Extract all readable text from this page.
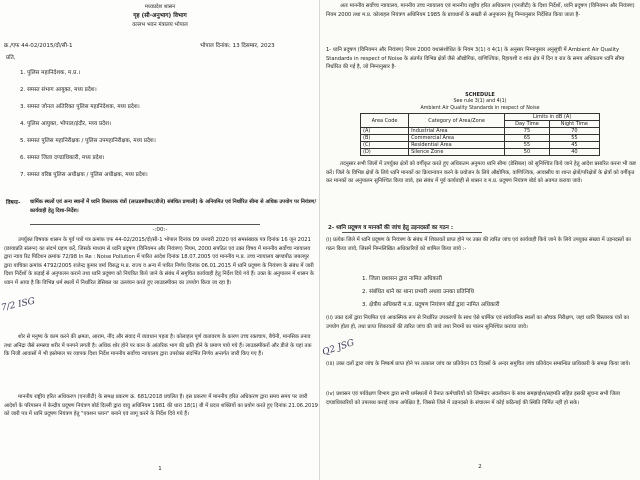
मध्यप्रदेश शासन
गृह (सी-अनुभाग) विभाग
वल्लभ भवन मंत्रालय भोपाल
क्र./एफ 44-02/2015/दो/सी-1	भोपाल दिनांक: 13 दिसम्बर, 2023
प्रति,
1. पुलिस महानिदेशक, म.प्र.।
2. समस्त संभाग आयुक्त, मध्य प्रदेश।
3. समस्त जोनल अतिरिक्त पुलिस महानिदेशक, मध्य प्रदेश।
4. पुलिस आयुक्त, भोपाल/इंदौर, मध्य प्रदेश।
5. समस्त पुलिस महानिरीक्षक / पुलिस उपमहानिरीक्षक, मध्य प्रदेश।
6. समस्त जिला दण्डाधिकारी, मध्य प्रदेश।
7. समस्त वरिष्ठ पुलिस अधीक्षक / पुलिस अधीक्षक, मध्य प्रदेश।
विषयः- धार्मिक स्थलों एवं अन्य स्थानों में ध्वनि विस्तारक यंत्रों (लाउडस्पीकर/डीजे) संबंधित प्रणाली) के अनियमित एवं निर्धारित सीमा से अधिक उपयोग पर नियंत्रण/कार्यवाही हेतु दिशा-निर्देश।
-:00:-
उपर्युक्त विषयक शासन के पूर्व पत्रों पत्र क्रमांक एफ 44-02/2015/दो/सी-1 भोपाल दिनांक 09 जनवरी 2020 एवं समसंख्यक पत्र दिनांक 16 जून 2021 (छायाप्रति संलग्न) का संदर्भ ग्रहण करें, जिसके माध्यम से ध्वनि प्रदूषण (विनियमन और नियंत्रण) नियम, 2000 सपठित एवं उक्त विषय में माननीय सर्वोच्च न्यायालय द्वारा न्याय रिट पिटिशन क्रमांक 72/98 In Re : Noise Pollution में पारित आदेश दिनांक 18.07.2005 एवं माननीय म.प्र. उच्च न्यायालय खण्डपीठ जबलपुर द्वारा याचिका क्रमांक 4792/2005 राजेन्द्र कुमार वर्मा विरुद्ध म.प्र. राज्य व अन्य में पारित निर्णय दिनांक 06.01.2015 में ध्वनि प्रदूषण के नियंत्रण के संबंध में जारी दिशा निर्देशों के कड़ाई से अनुपालन कराने तथा ध्वनि प्रदूषण को नियंत्रित किये जाने के संबंध में समुचित कार्यवाही हेतु निर्देश दिये गये हैं। उक्त के अनुपालन में शासन के ध्यान में आया है कि विभिन्न धर्म स्थलों में निर्धारित डेसिबल का उल्लंघन करते हुए लाउडस्पीकर का उपयोग किया जा रहा है।
शोर से मनुष्य के काम करने की क्षमता, आराम, नींद और संवाद में व्यवधान पहता है। कोलाहल पूर्ण वातावरण के कारण उच्च रक्तचाप, बैचेनी, मानसिक तनाव तथा अनिद्रा जैसे समस्या शरीर में पनपने लगती है। अधिक शोर होने पर कान के आंतरिक भाग की क्षति होने के प्रमाण पाये गये हैं। लाउडस्पीकरों और डीजे के यहां तक कि निजी आवासों में भी इस्तेमाल पर व्यापक दिशा निर्देश माननीय सर्वोच्च न्यायालय द्वारा उपरोक्त संदर्भित निर्णय अन्तर्गत जारी किए गए हैं।
माननीय राष्ट्रीय हरित अधिकरण (एनजीटी) के समक्ष प्रकरण क्र. 681/2018 प्रचलित है। इस प्रकरण में माननीय हरित अधिकरण द्वारा समय समय पर जारी आदेशों के परिपालन में केन्द्रीय प्रदूषण नियंत्रण बोर्ड दिल्ली द्वारा वायु अधिनियम 1981 की धारा 18(1) बी में प्रदत्त शक्तियों का प्रयोग करते हुए दिनांक 21.06.2019 को जारी पत्र में ध्वनि प्रदूषण नियंत्रण हेतु "एक्शन प्लान" बनाने एवं लागू करने के निर्देश दिये गये हैं।
1
7/2 ISG
अतः माननीय सर्वोच्च न्यायालय, माननीय उच्च न्यायालय एवं माननीय राष्ट्रीय हरित अधिकरण (एनजीटी) के दिशा निर्देशों, ध्वनि प्रदूषण (विनियमन और नियंत्रण) नियम 2000 तथा म.प्र. कोलाहल नियंत्रण अधिनियम 1985 के प्रावधानों के सख्ती से अनुपालन हेतु निम्नानुसार निर्देशित किया जाता है-
1- ध्वनि प्रदूषण (विनियमन और नियंत्रण) नियम 2000 यथासंशोधित के नियम 3(1) व 4(1) के अनुसार निम्नानुसार अनुसूची में Ambient Air Quality Standards in respect of Noise के अंतर्गत विभिन्न क्षेत्रों जैसे औद्योगिक, वाणिज्यिक, रिहायशी व शांत क्षेत्र में दिन व रात के समय अधिकतम ध्वनि सीमा निर्धारित की गई है, जो निम्नानुसार है-
SCHEDULE
See rule 3(1) and 4(1)
Ambient Air Quality Standards in respect of Noise
Area Code	Category of Area/Zone	Limits in dB (A)	
		Day Time	Night Time
(A)	Industrial Area	75	70
(B)	Commercial Area	65	55
(C)	Residential Area	55	45
(D)	Silence Zone	50	40
तदनुसार सभी जिलों में उपर्युक्त क्षेत्रों को वर्गीकृत करते हुए अधिकतम अनुमत्य ध्वनि सीमा (डेसिबल) को सुनिश्चित किये जाने हेतु आदेश प्रसारित करना भी कष्ट करें। जिले के विभिन्न क्षेत्रों के लिये ध्वनि मानकों का क्रियान्वयन करने के प्रयोजन के लिये औद्योगिक, वाणिज्यिक, आवासीय या शान्त क्षेत्रों/परिक्षेत्रों के क्षेत्रों को वर्गीकृत कर मानकों का अनुपालन सुनिश्चित किया जावे, इस संबंध में पूर्व कार्यवाही से शासन व म.प्र. प्रदूषण नियंत्रण बोर्ड को अवगत कराया जावे।
2- ध्वनि प्रदूषण व मानकों की जांच हेतु उड़नदस्तों का गठन :
(i) प्रत्येक जिले में ध्वनि प्रदूषण के नियंत्रण के संबंध में शिकायतें प्राप्त होने पर उक्त की त्वरित जांच एवं कार्यवाही किये जाने के लिये उपयुक्त संख्या में उड़नदस्तों का गठन किया जाये, जिसमें निम्नलिखित अधिकारियों को शामिल किया जाये :-
1. जिला प्रशासन द्वारा नामित अधिकारी
2. संबंधित थाने का थाना प्रभारी अथवा उनका प्रतिनिधि
3. क्षेत्रीय अधिकारी म.प्र. प्रदूषण नियंत्रण बोर्ड द्वारा नामित अधिकारी
(ii) उक्त दलों द्वारा नियमित एवं आकस्मिक रूप से निर्धारित उपकरणों के साथ ऐसे धार्मिक एवं सार्वजनिक स्थलों का औचक निरीक्षण, जहां ध्वनि विस्तारक यंत्रों का उपयोग होता हो, तथा प्राप्त शिकायतों की त्वरित जांच की जावे तथा नियमों का पालन सुनिश्चित कराया जावे।
(iii) उक्त दलों द्वारा जांच के निष्कर्ष प्राप्त होने पर तत्काल जांच का प्रतिवेदन 03 दिवसों के अन्दर समुचित जांच प्रतिवेदन सम्बन्धित प्राधिकारी के समक्ष किया जाये।
(iv) प्रशासन एवं पर्यवेक्षण विभाग द्वारा सभी धर्मस्थलों में तैनात कर्मचारियों को जिम्मेदार अवलोकन के साथ समझाईश/सहमति सहित इसकी सूचना सभी जिला दण्डाधिकारियों को उपलब्ध कराई जाना अपेक्षित है, जिससे जिले में उड़नदस्ते के संचालन में कोई कठिनाई की स्थिति निर्मित नहीं हो सके।
2
Q2 JSG
